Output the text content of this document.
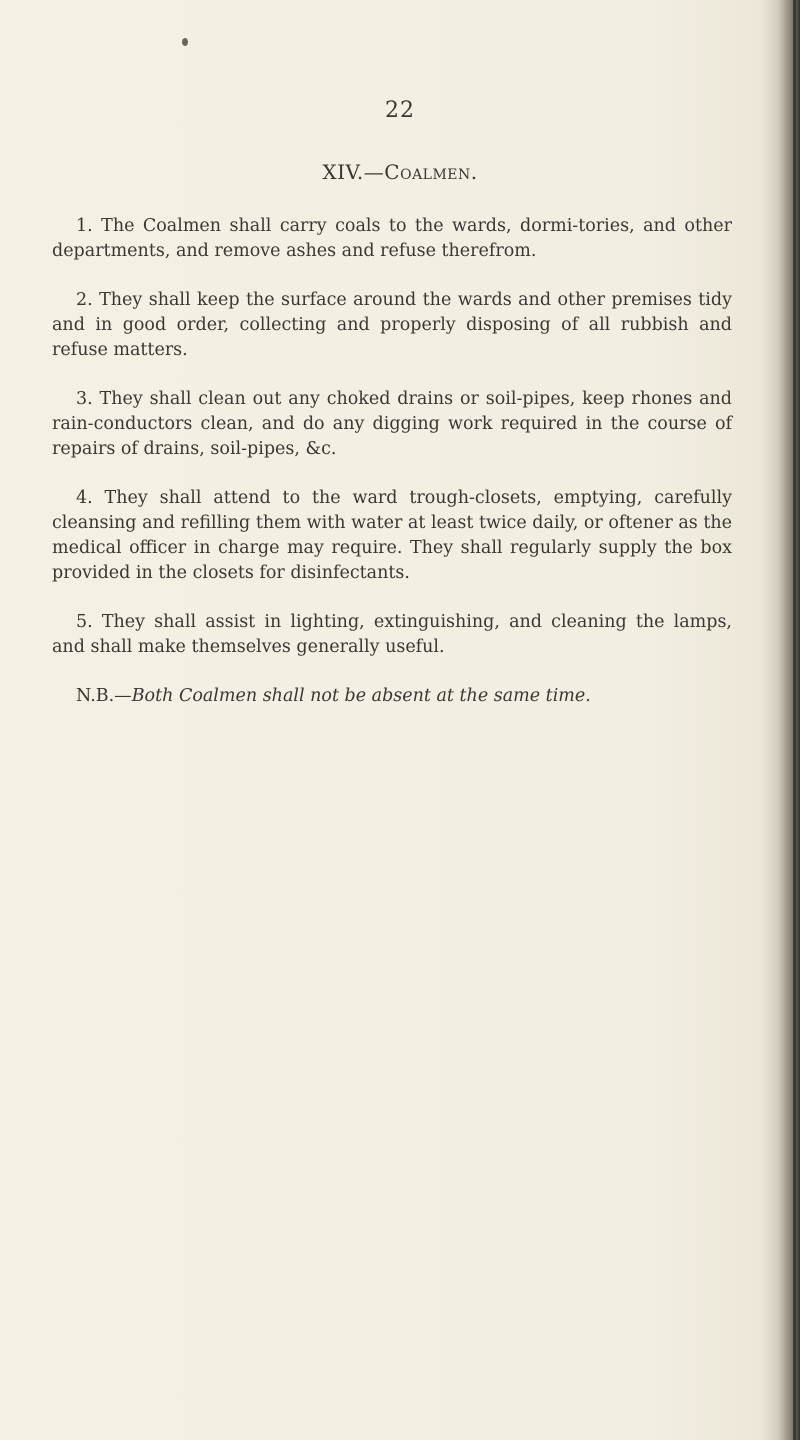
22
XIV.—Coalmen.

1. The Coalmen shall carry coals to the wards, dormi-tories, and other departments, and remove ashes and refuse therefrom.

2. They shall keep the surface around the wards and other premises tidy and in good order, collecting and properly disposing of all rubbish and refuse matters.

3. They shall clean out any choked drains or soil-pipes, keep rhones and rain-conductors clean, and do any digging work required in the course of repairs of drains, soil-pipes, &c.

4. They shall attend to the ward trough-closets, emptying, carefully cleansing and refilling them with water at least twice daily, or oftener as the medical officer in charge may require. They shall regularly supply the box provided in the closets for disinfectants.

5. They shall assist in lighting, extinguishing, and cleaning the lamps, and shall make themselves generally useful.

N.B.—Both Coalmen shall not be absent at the same time.
